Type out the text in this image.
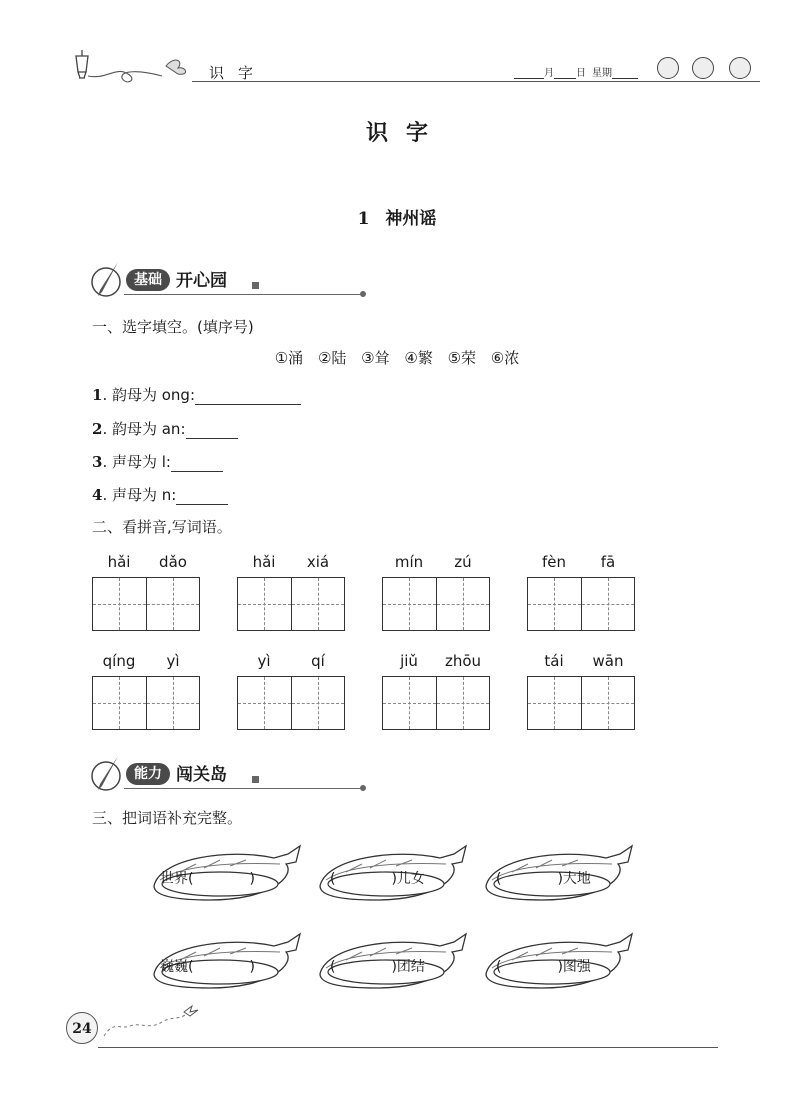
识字	月 日 星期
识字
1 神州谣
基础 开心园
一、选字填空。(填序号)
①涌 ②陆 ③耸 ④繁 ⑤荣 ⑥浓
1. 韵母为 ong:
2. 韵母为 an:
3. 声母为 l:
4. 声母为 n:
二、看拼音,写词语。
hǎi	dǎo	hǎi	xiá	mín	zú	fèn	fā
qíng	yì	yì	qí	jiǔ	zhōu	tái	wān
能力 闯关岛
三、把词语补充完整。
世界(　　　　)	(　　　　)儿女	(　　　　)大地
巍巍(　　　　)	(　　　　)团结	(　　　　)图强
24
